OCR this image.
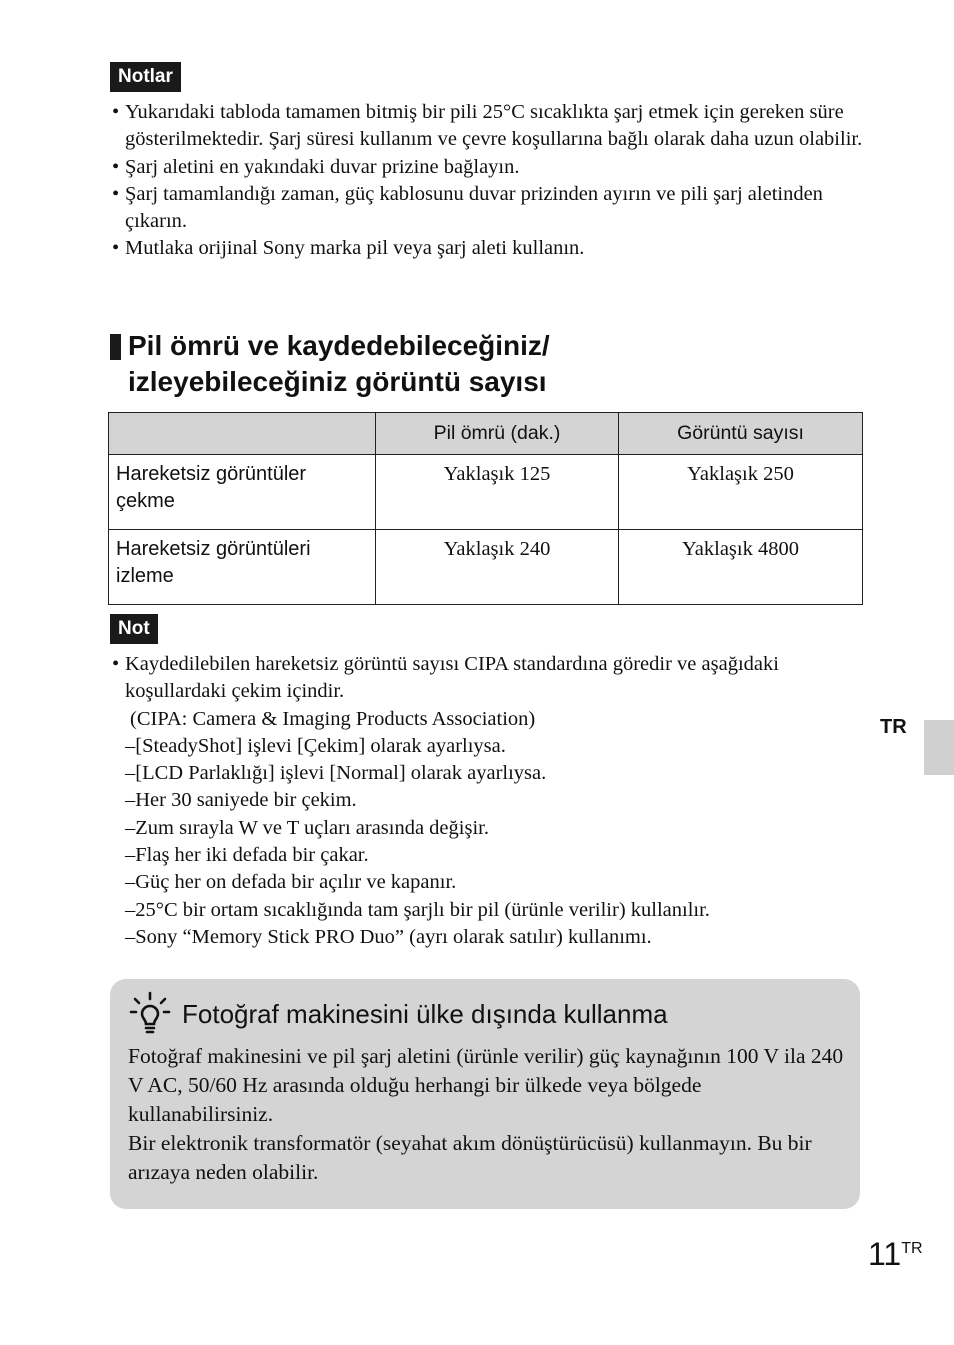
Notlar
• Yukarıdaki tabloda tamamen bitmiş bir pili 25°C sıcaklıkta şarj etmek için gereken süre gösterilmektedir. Şarj süresi kullanım ve çevre koşullarına bağlı olarak daha uzun olabilir.
• Şarj aletini en yakındaki duvar prizine bağlayın.
• Şarj tamamlandığı zaman, güç kablosunu duvar prizinden ayırın ve pili şarj aletinden çıkarın.
• Mutlaka orijinal Sony marka pil veya şarj aleti kullanın.
Pil ömrü ve kaydedebileceğiniz/
izleyebileceğiniz görüntü sayısı
	Pil ömrü (dak.)	Görüntü sayısı
Hareketsiz görüntüler çekme	Yaklaşık 125	Yaklaşık 250
Hareketsiz görüntüleri izleme	Yaklaşık 240	Yaklaşık 4800
Not
• Kaydedilebilen hareketsiz görüntü sayısı CIPA standardına göredir ve aşağıdaki koşullardaki çekim içindir.
(CIPA: Camera & Imaging Products Association)
–[SteadyShot] işlevi [Çekim] olarak ayarlıysa.
–[LCD Parlaklığı] işlevi [Normal] olarak ayarlıysa.
–Her 30 saniyede bir çekim.
–Zum sırayla W ve T uçları arasında değişir.
–Flaş her iki defada bir çakar.
–Güç her on defada bir açılır ve kapanır.
–25°C bir ortam sıcaklığında tam şarjlı bir pil (ürünle verilir) kullanılır.
–Sony “Memory Stick PRO Duo” (ayrı olarak satılır) kullanımı.
TR
Fotoğraf makinesini ülke dışında kullanma
Fotoğraf makinesini ve pil şarj aletini (ürünle verilir) güç kaynağının 100 V ila 240 V AC, 50/60 Hz arasında olduğu herhangi bir ülkede veya bölgede kullanabilirsiniz.
Bir elektronik transformatör (seyahat akım dönüştürücüsü) kullanmayın. Bu bir arızaya neden olabilir.
$11^{TR}$
